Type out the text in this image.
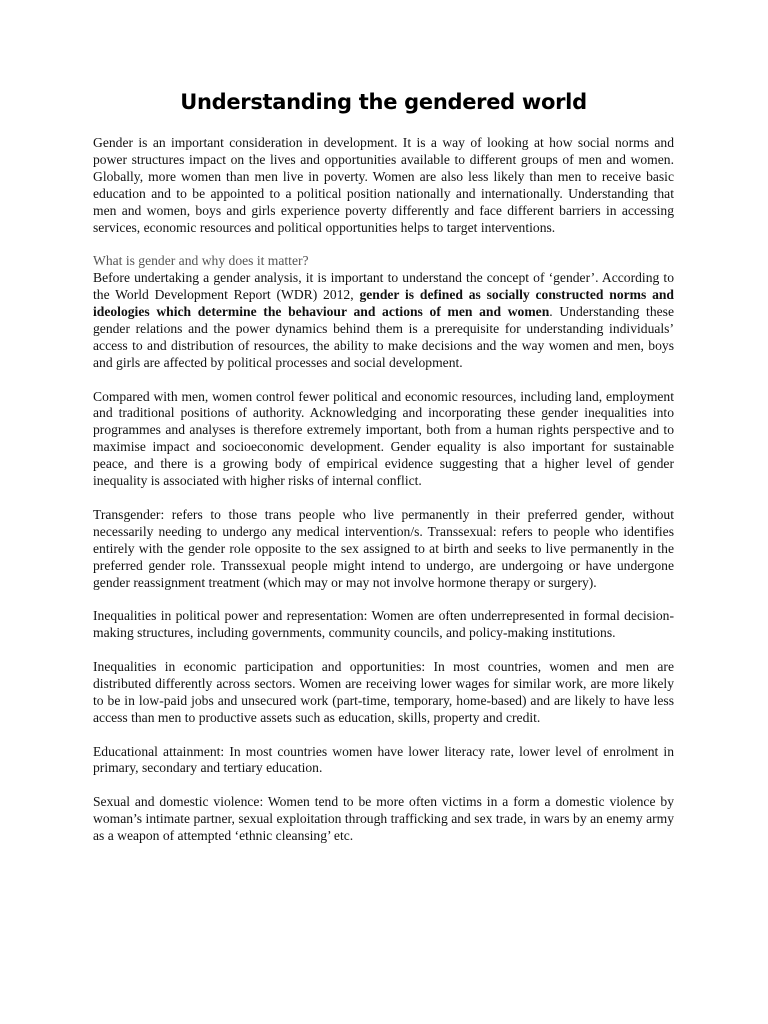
Understanding the gendered world

Gender is an important consideration in development. It is a way of looking at how social norms and power structures impact on the lives and opportunities available to different groups of men and women. Globally, more women than men live in poverty. Women are also less likely than men to receive basic education and to be appointed to a political position nationally and internationally. Understanding that men and women, boys and girls experience poverty differently and face different barriers in accessing services, economic resources and political opportunities helps to target interventions.

What is gender and why does it matter?

Before undertaking a gender analysis, it is important to understand the concept of ‘gender’. According to the World Development Report (WDR) 2012, gender is defined as socially constructed norms and ideologies which determine the behaviour and actions of men and women. Understanding these gender relations and the power dynamics behind them is a prerequisite for understanding individuals’ access to and distribution of resources, the ability to make decisions and the way women and men, boys and girls are affected by political processes and social development.

Compared with men, women control fewer political and economic resources, including land, employment and traditional positions of authority. Acknowledging and incorporating these gender inequalities into programmes and analyses is therefore extremely important, both from a human rights perspective and to maximise impact and socioeconomic development. Gender equality is also important for sustainable peace, and there is a growing body of empirical evidence suggesting that a higher level of gender inequality is associated with higher risks of internal conflict.

Transgender: refers to those trans people who live permanently in their preferred gender, without necessarily needing to undergo any medical intervention/s. Transsexual: refers to people who identifies entirely with the gender role opposite to the sex assigned to at birth and seeks to live permanently in the preferred gender role. Transsexual people might intend to undergo, are undergoing or have undergone gender reassignment treatment (which may or may not involve hormone therapy or surgery).

Inequalities in political power and representation: Women are often underrepresented in formal decision-making structures, including governments, community councils, and policy-making institutions.

Inequalities in economic participation and opportunities: In most countries, women and men are distributed differently across sectors. Women are receiving lower wages for similar work, are more likely to be in low-paid jobs and unsecured work (part-time, temporary, home-based) and are likely to have less access than men to productive assets such as education, skills, property and credit.

Educational attainment: In most countries women have lower literacy rate, lower level of enrolment in primary, secondary and tertiary education.

Sexual and domestic violence: Women tend to be more often victims in a form a domestic violence by woman’s intimate partner, sexual exploitation through trafficking and sex trade, in wars by an enemy army as a weapon of attempted ‘ethnic cleansing’ etc.
